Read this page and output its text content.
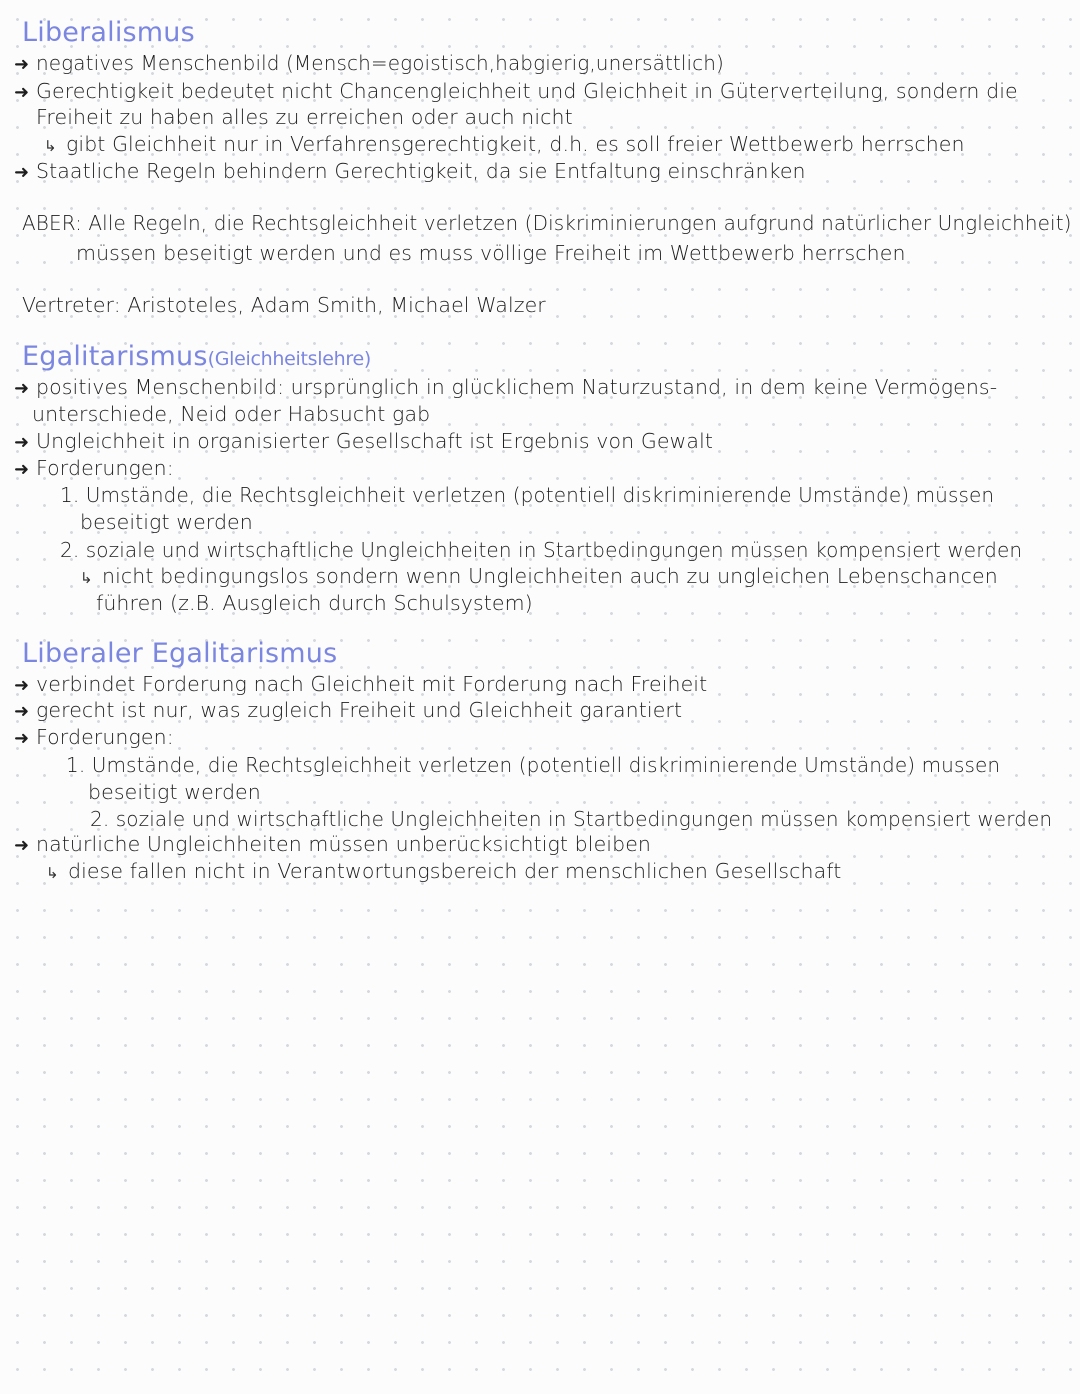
Liberalismus
➜ negatives Menschenbild (Mensch=egoistisch,habgierig,unersättlich)
➜ Gerechtigkeit bedeutet nicht Chancengleichheit und Gleichheit in Güterverteilung, sondern die
Freiheit zu haben alles zu erreichen oder auch nicht
↳ gibt Gleichheit nur in Verfahrensgerechtigkeit, d.h. es soll freier Wettbewerb herrschen
➜ Staatliche Regeln behindern Gerechtigkeit, da sie Entfaltung einschränken
ABER: Alle Regeln, die Rechtsgleichheit verletzen (Diskriminierungen aufgrund natürlicher Ungleichheit)
müssen beseitigt werden und es muss völlige Freiheit im Wettbewerb herrschen
Vertreter: Aristoteles, Adam Smith, Michael Walzer
Egalitarismus(Gleichheitslehre)
➜ positives Menschenbild: ursprünglich in glücklichem Naturzustand, in dem keine Vermögens-
unterschiede, Neid oder Habsucht gab
➜ Ungleichheit in organisierter Gesellschaft ist Ergebnis von Gewalt
➜ Forderungen:
1. Umstände, die Rechtsgleichheit verletzen (potentiell diskriminierende Umstände) müssen
beseitigt werden
2. soziale und wirtschaftliche Ungleichheiten in Startbedingungen müssen kompensiert werden
↳ nicht bedingungslos sondern wenn Ungleichheiten auch zu ungleichen Lebenschancen
führen (z.B. Ausgleich durch Schulsystem)
Liberaler Egalitarismus
➜ verbindet Forderung nach Gleichheit mit Forderung nach Freiheit
➜ gerecht ist nur, was zugleich Freiheit und Gleichheit garantiert
➜ Forderungen:
1. Umstände, die Rechtsgleichheit verletzen (potentiell diskriminierende Umstände) mussen
beseitigt werden
2. soziale und wirtschaftliche Ungleichheiten in Startbedingungen müssen kompensiert werden
➜ natürliche Ungleichheiten müssen unberücksichtigt bleiben
↳ diese fallen nicht in Verantwortungsbereich der menschlichen Gesellschaft
